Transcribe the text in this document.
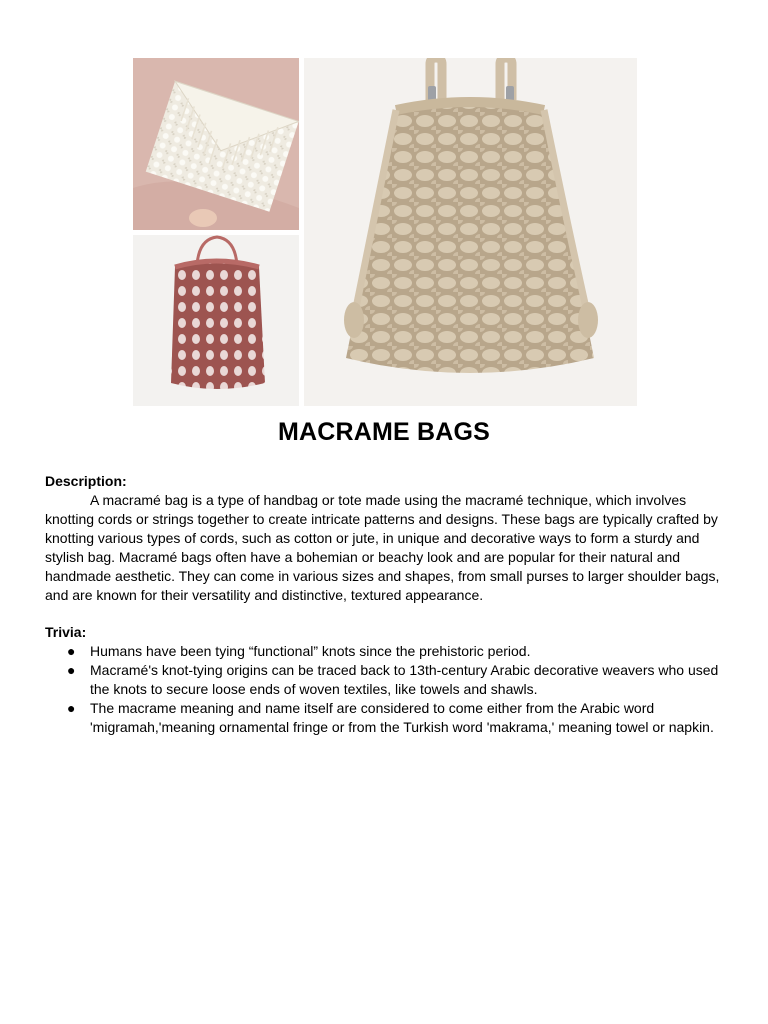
MACRAME BAGS
Description:

A macramé bag is a type of handbag or tote made using the macramé technique, which involves knotting cords or strings together to create intricate patterns and designs. These bags are typically crafted by knotting various types of cords, such as cotton or jute, in unique and decorative ways to form a sturdy and stylish bag. Macramé bags often have a bohemian or beachy look and are popular for their natural and handmade aesthetic. They can come in various sizes and shapes, from small purses to larger shoulder bags, and are known for their versatility and distinctive, textured appearance.

Trivia:
● Humans have been tying “functional” knots since the prehistoric period.
● Macramé's knot-tying origins can be traced back to 13th-century Arabic decorative weavers who used the knots to secure loose ends of woven textiles, like towels and shawls.
● The macrame meaning and name itself are considered to come either from the Arabic word 'migramah,'meaning ornamental fringe or from the Turkish word 'makrama,' meaning towel or napkin.
